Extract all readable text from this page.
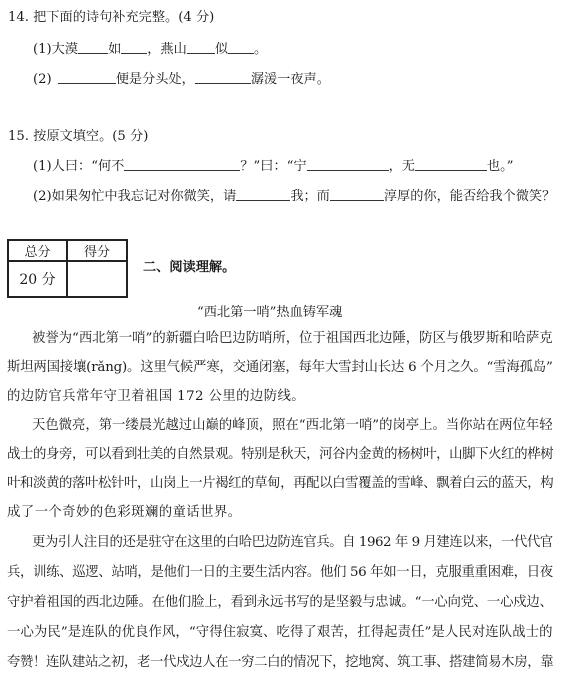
14. 把下面的诗句补充完整。(4 分)
(1)大漠 如 ，燕山 似 。
(2)	便是分头处，	潺湲一夜声。
15. 按原文填空。(5 分)
(1)人曰：“何不	？”曰：“宁	，无	也。”
(2)如果匆忙中我忘记对你微笑，请	我；而	淳厚的你，能否给我个微笑？
总分	得分
20 分	
二、阅读理解。
“西北第一哨”热血铸军魂
被誉为“西北第一哨”的新疆白哈巴边防哨所，位于祖国西北边陲，防区与俄罗斯和哈萨克
斯坦两国接壤(rǎng)。这里气候严寒，交通闭塞，每年大雪封山长达 6 个月之久。“雪海孤岛”
的边防官兵常年守卫着祖国 172 公里的边防线。
天色微亮，第一缕晨光越过山巅的峰顶，照在“西北第一哨”的岗亭上。当你站在两位年轻
战士的身旁，可以看到壮美的自然景观。特别是秋天，河谷内金黄的杨树叶，山脚下火红的桦树
叶和淡黄的落叶松针叶，山岗上一片褐红的草甸，再配以白雪覆盖的雪峰、飘着白云的蓝天，构
成了一个奇妙的色彩斑斓的童话世界。
更为引人注目的还是驻守在这里的白哈巴边防连官兵。自 1962 年 9 月建连以来，一代代官
兵，训练、巡逻、站哨，是他们一日的主要生活内容。他们 56 年如一日，克服重重困难，日夜
守护着祖国的西北边陲。在他们脸上，看到永远书写的是坚毅与忠诚。“一心向党、一心戍边、
一心为民”是连队的优良作风，“守得住寂寞、吃得了艰苦，扛得起责任”是人民对连队战士的
夸赞！连队建站之初，老一代戍边人在一穷二白的情况下，挖地窝、筑工事、搭建简易木房，靠
